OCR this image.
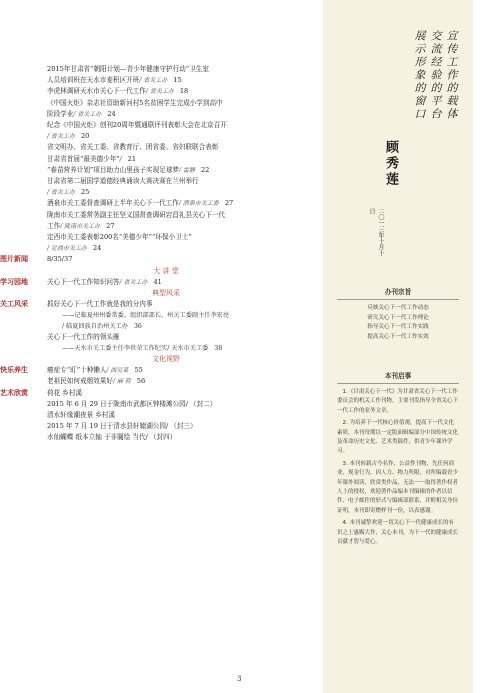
2015年甘肃省“朝阳计划—青少年健康守护行动”卫生室
人员培训班在天水市麦积区开班/ 省关工办 15
李虎林调研天水市关心下一代工作/ 省关工办 18
《中国火炬》杂志社资助新河村5名贫困学生完成小学到高中
阶段学业/ 省关工办 24
纪念《中国火炬》创刊20周年暨通联评刊表彰大会在北京召开
/ 省关工办 20
省文明办、省关工委、省教育厅、团省委、省妇联联合表彰
甘肃省首届“最美德少年”/ 21
“春苗营养计划”项目助力山里孩子实现足球梦/ 雷静 22
甘肃省第二届国学道德经典诵读大赛决赛在兰州举行
/ 省关工办 25
酒泉市关工委督查调研上半年关心下一代工作/ 酒泉市关工委 27
陇南市关工委常务副主任坚义国督查调研宕昌礼县关心下一代
工作/ 陇南市关工办 27
定西市关工委表彰200名“美德少年”“环保小卫士”
/ 定西市关工办 24
图片新闻	8/35/37
大 讲 堂
学习园地	关心下一代工作知识问答/ 省关工办 41
典型风采
关工风采	抓好关心下一代工作就是我的分内事
——记临夏州州委常委、组织部部长、州关工委副主任李宏亮
/ 临夏回族自治州关工办 36
关心下一代工作的领头雁
——天水市关工委主任李世荣工作纪实/ 天水市关工委 38
文化视野
快乐养生	癌症专“盯”十种懒人/ 西吴菜 55
老祖民如何戒烟效果好/ 麻 荷 56
艺术欣赏	荷花 乡村溪
2015 年 6 月 29 日于陇南市武都区钟楼滩公园/ （封二）
清水轩缘潮夜景 乡村溪
2015 年 7 月 19 日于清水县轩辕湖公园/ （封三）
水仙蝴蝶 纸本立轴 于非闇绘 当代/ （封四）
宣传工作的载体
交流经验的平台
展示形象的窗口
顾秀莲
二〇一三年十月十日
办刊宗旨
反映关心下一代工作动态
研究关心下一代工作理论
指导关心下一代工作实践
提高关心下一代工作实效
本刊启事

1.《甘肃关心下一代》为甘肃省关心下一代工作委员会的机关工作刊物，主要刊发指导全省关心下一代工作的业务文章。

2. 为培养下一代核心价值观，提高下一代文化素质，本刊每期以一定版面辑编部分中国传统文化及革命历史文化、艺术类稿件，供青少年课外学习。

3. 本刊转载古今名作、公益性刊物，先任何商业、现金行为，因人力、物力所限，对所编载青少年课外阅读、欣赏类作品，无法一一取得著作权者人上的授权，欢迎著作品编本刊编辑的作者以信件、电子邮件的形式与编辑部联系，并附相关身份证明，本刊即寄赠样刊一份，以表感谢。

4. 本刊诚挚欢迎一切关心下一代健康成长的有识之士惠赐大作，关心本刊，为下一代的健康成长贡献才智与爱心。

3
